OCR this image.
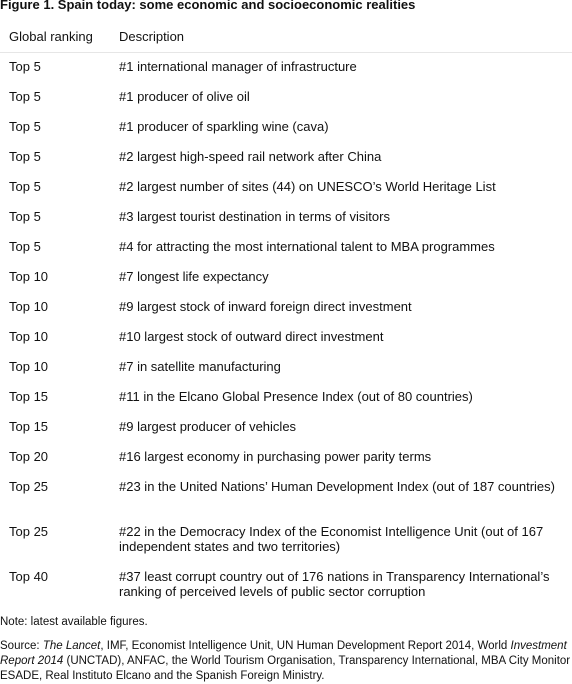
Figure 1. Spain today: some economic and socioeconomic realities
Global ranking	Description
Top 5	#1 international manager of infrastructure
Top 5	#1 producer of olive oil
Top 5	#1 producer of sparkling wine (cava)
Top 5	#2 largest high-speed rail network after China
Top 5	#2 largest number of sites (44) on UNESCO’s World Heritage List
Top 5	#3 largest tourist destination in terms of visitors
Top 5	#4 for attracting the most international talent to MBA programmes
Top 10	#7 longest life expectancy
Top 10	#9 largest stock of inward foreign direct investment
Top 10	#10 largest stock of outward direct investment
Top 10	#7 in satellite manufacturing
Top 15	#11 in the Elcano Global Presence Index (out of 80 countries)
Top 15	#9 largest producer of vehicles
Top 20	#16 largest economy in purchasing power parity terms
Top 25	#23 in the United Nations’ Human Development Index (out of 187 countries)
Top 25	#22 in the Democracy Index of the Economist Intelligence Unit (out of 167 independent states and two territories)
Top 40	#37 least corrupt country out of 176 nations in Transparency International’s ranking of perceived levels of public sector corruption
Note: latest available figures.
Source: The Lancet, IMF, Economist Intelligence Unit, UN Human Development Report 2014, World Investment Report 2014 (UNCTAD), ANFAC, the World Tourism Organisation, Transparency International, MBA City Monitor ESADE, Real Instituto Elcano and the Spanish Foreign Ministry.
